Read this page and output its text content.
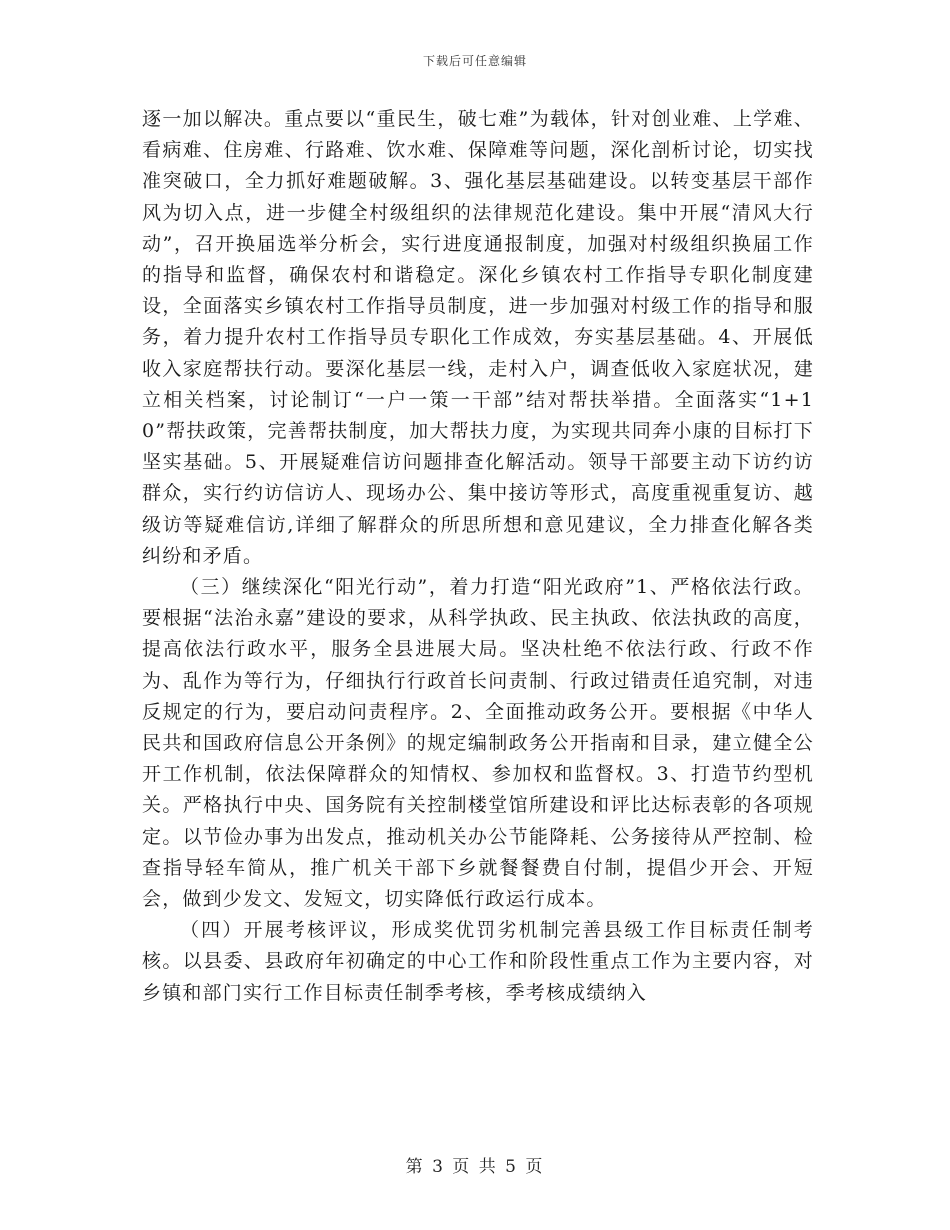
下载后可任意编辑

逐一加以解决。重点要以“重民生，破七难”为载体，针对创业难、上学难、看病难、住房难、行路难、饮水难、保障难等问题，深化剖析讨论，切实找准突破口，全力抓好难题破解。3、强化基层基础建设。以转变基层干部作风为切入点，进一步健全村级组织的法律规范化建设。集中开展“清风大行动”，召开换届选举分析会，实行进度通报制度，加强对村级组织换届工作的指导和监督，确保农村和谐稳定。深化乡镇农村工作指导专职化制度建设，全面落实乡镇农村工作指导员制度，进一步加强对村级工作的指导和服务，着力提升农村工作指导员专职化工作成效，夯实基层基础。4、开展低收入家庭帮扶行动。要深化基层一线，走村入户，调查低收入家庭状况，建立相关档案，讨论制订“一户一策一干部”结对帮扶举措。全面落实“1+10”帮扶政策，完善帮扶制度，加大帮扶力度，为实现共同奔小康的目标打下坚实基础。5、开展疑难信访问题排查化解活动。领导干部要主动下访约访群众，实行约访信访人、现场办公、集中接访等形式，高度重视重复访、越级访等疑难信访,详细了解群众的所思所想和意见建议，全力排查化解各类纠纷和矛盾。

（三）继续深化“阳光行动”，着力打造“阳光政府”1、严格依法行政。要根据“法治永嘉”建设的要求，从科学执政、民主执政、依法执政的高度，提高依法行政水平，服务全县进展大局。坚决杜绝不依法行政、行政不作为、乱作为等行为，仔细执行行政首长问责制、行政过错责任追究制，对违反规定的行为，要启动问责程序。2、全面推动政务公开。要根据《中华人民共和国政府信息公开条例》的规定编制政务公开指南和目录，建立健全公开工作机制，依法保障群众的知情权、参加权和监督权。3、打造节约型机关。严格执行中央、国务院有关控制楼堂馆所建设和评比达标表彰的各项规定。以节俭办事为出发点，推动机关办公节能降耗、公务接待从严控制、检查指导轻车简从，推广机关干部下乡就餐餐费自付制，提倡少开会、开短会，做到少发文、发短文，切实降低行政运行成本。

（四）开展考核评议，形成奖优罚劣机制完善县级工作目标责任制考核。以县委、县政府年初确定的中心工作和阶段性重点工作为主要内容，对乡镇和部门实行工作目标责任制季考核，季考核成绩纳入

第 3 页 共 5 页
